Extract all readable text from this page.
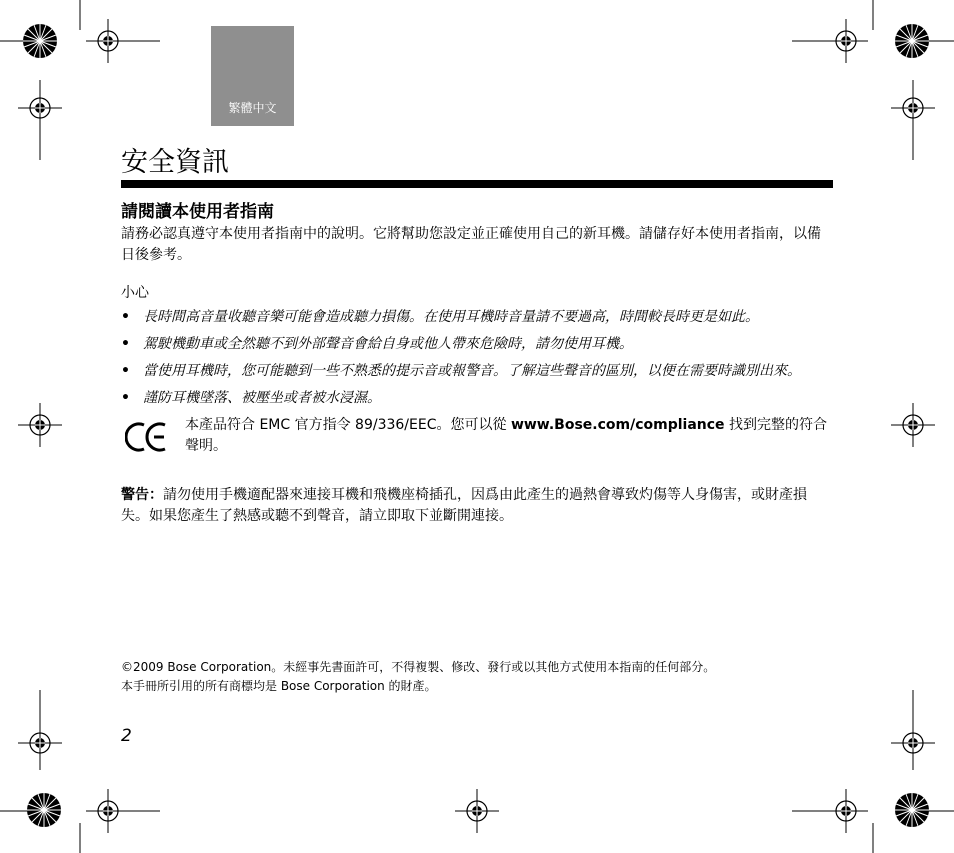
繁體中文
安全資訊
請閱讀本使用者指南

請務必認真遵守本使用者指南中的說明。它將幫助您設定並正確使用自己的新耳機。請儲存好本使用者指南，以備日後參考。

小心

• 長時間高音量收聽音樂可能會造成聽力損傷。在使用耳機時音量請不要過高，時間較長時更是如此。
• 駕駛機動車或全然聽不到外部聲音會給自身或他人帶來危險時，請勿使用耳機。
• 當使用耳機時，您可能聽到一些不熟悉的提示音或報警音。了解這些聲音的區別，以便在需要時識別出來。
• 謹防耳機墜落、被壓坐或者被水浸濕。
本產品符合 EMC 官方指令 89/336/EEC。您可以從 www.Bose.com/compliance 找到完整的符合聲明。

警告：請勿使用手機適配器來連接耳機和飛機座椅插孔，因爲由此產生的過熱會導致灼傷等人身傷害，或財產損失。如果您產生了熱感或聽不到聲音，請立即取下並斷開連接。

©2009 Bose Corporation。未經事先書面許可，不得複製、修改、發行或以其他方式使用本指南的任何部分。
本手冊所引用的所有商標均是 Bose Corporation 的財產。
2
